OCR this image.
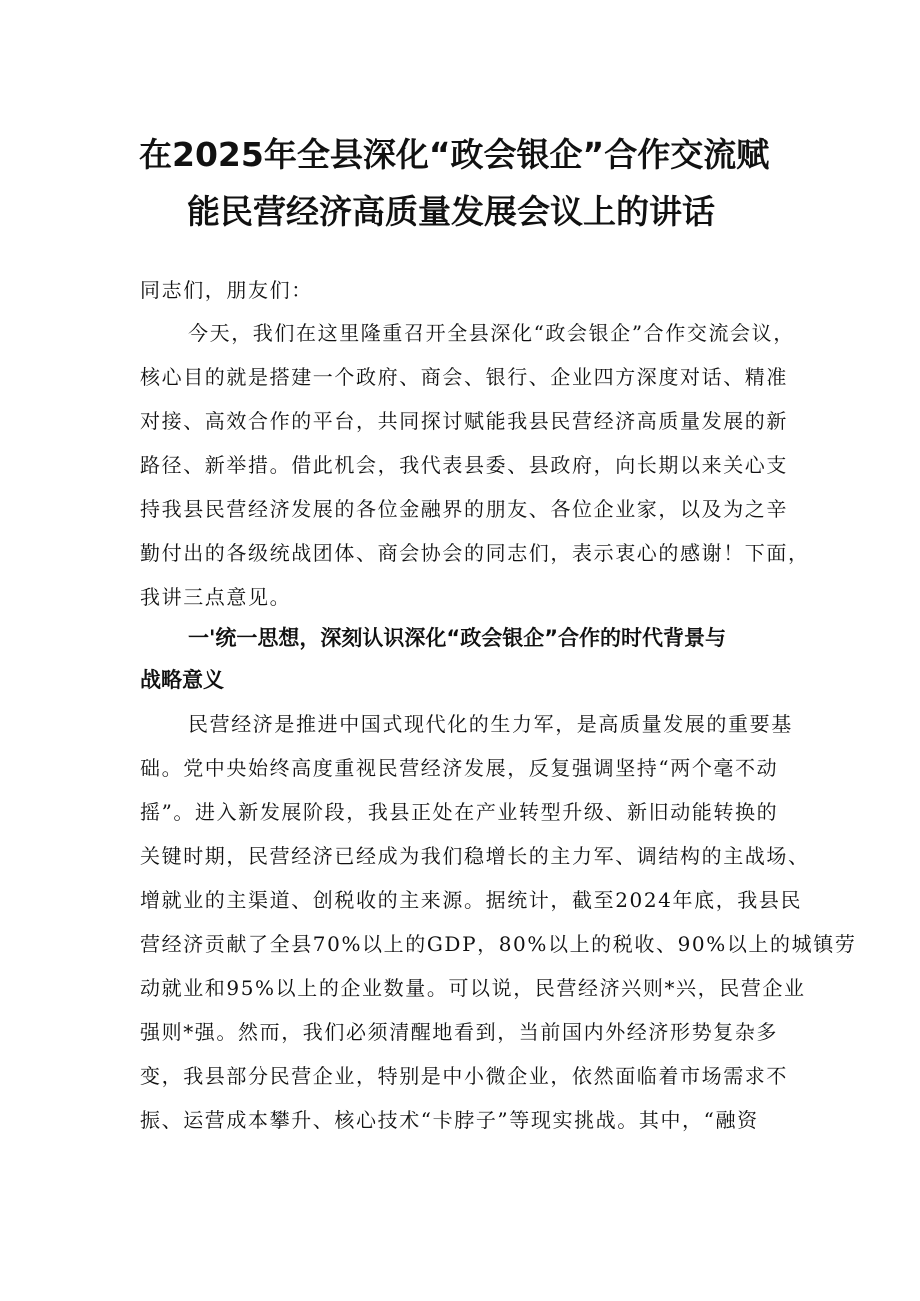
在2025年全县深化“政会银企”合作交流赋
能民营经济高质量发展会议上的讲话
同志们，朋友们：
今天，我们在这里隆重召开全县深化“政会银企”合作交流会议，
核心目的就是搭建一个政府、商会、银行、企业四方深度对话、精准
对接、高效合作的平台，共同探讨赋能我县民营经济高质量发展的新
路径、新举措。借此机会，我代表县委、县政府，向长期以来关心支
持我县民营经济发展的各位金融界的朋友、各位企业家，以及为之辛
勤付出的各级统战团体、商会协会的同志们，表示衷心的感谢！下面，
我讲三点意见。
一'统一思想，深刻认识深化“政会银企”合作的时代背景与
战略意义
民营经济是推进中国式现代化的生力军，是高质量发展的重要基
础。党中央始终高度重视民营经济发展，反复强调坚持“两个毫不动
摇”。进入新发展阶段，我县正处在产业转型升级、新旧动能转换的
关键时期，民营经济已经成为我们稳增长的主力军、调结构的主战场、
增就业的主渠道、创税收的主来源。据统计，截至2024年底，我县民
营经济贡献了全县70%以上的GDP，80%以上的税收、90%以上的城镇劳
动就业和95%以上的企业数量。可以说，民营经济兴则*兴，民营企业
强则*强。然而，我们必须清醒地看到，当前国内外经济形势复杂多
变，我县部分民营企业，特别是中小微企业，依然面临着市场需求不
振、运营成本攀升、核心技术“卡脖子”等现实挑战。其中，“融资
